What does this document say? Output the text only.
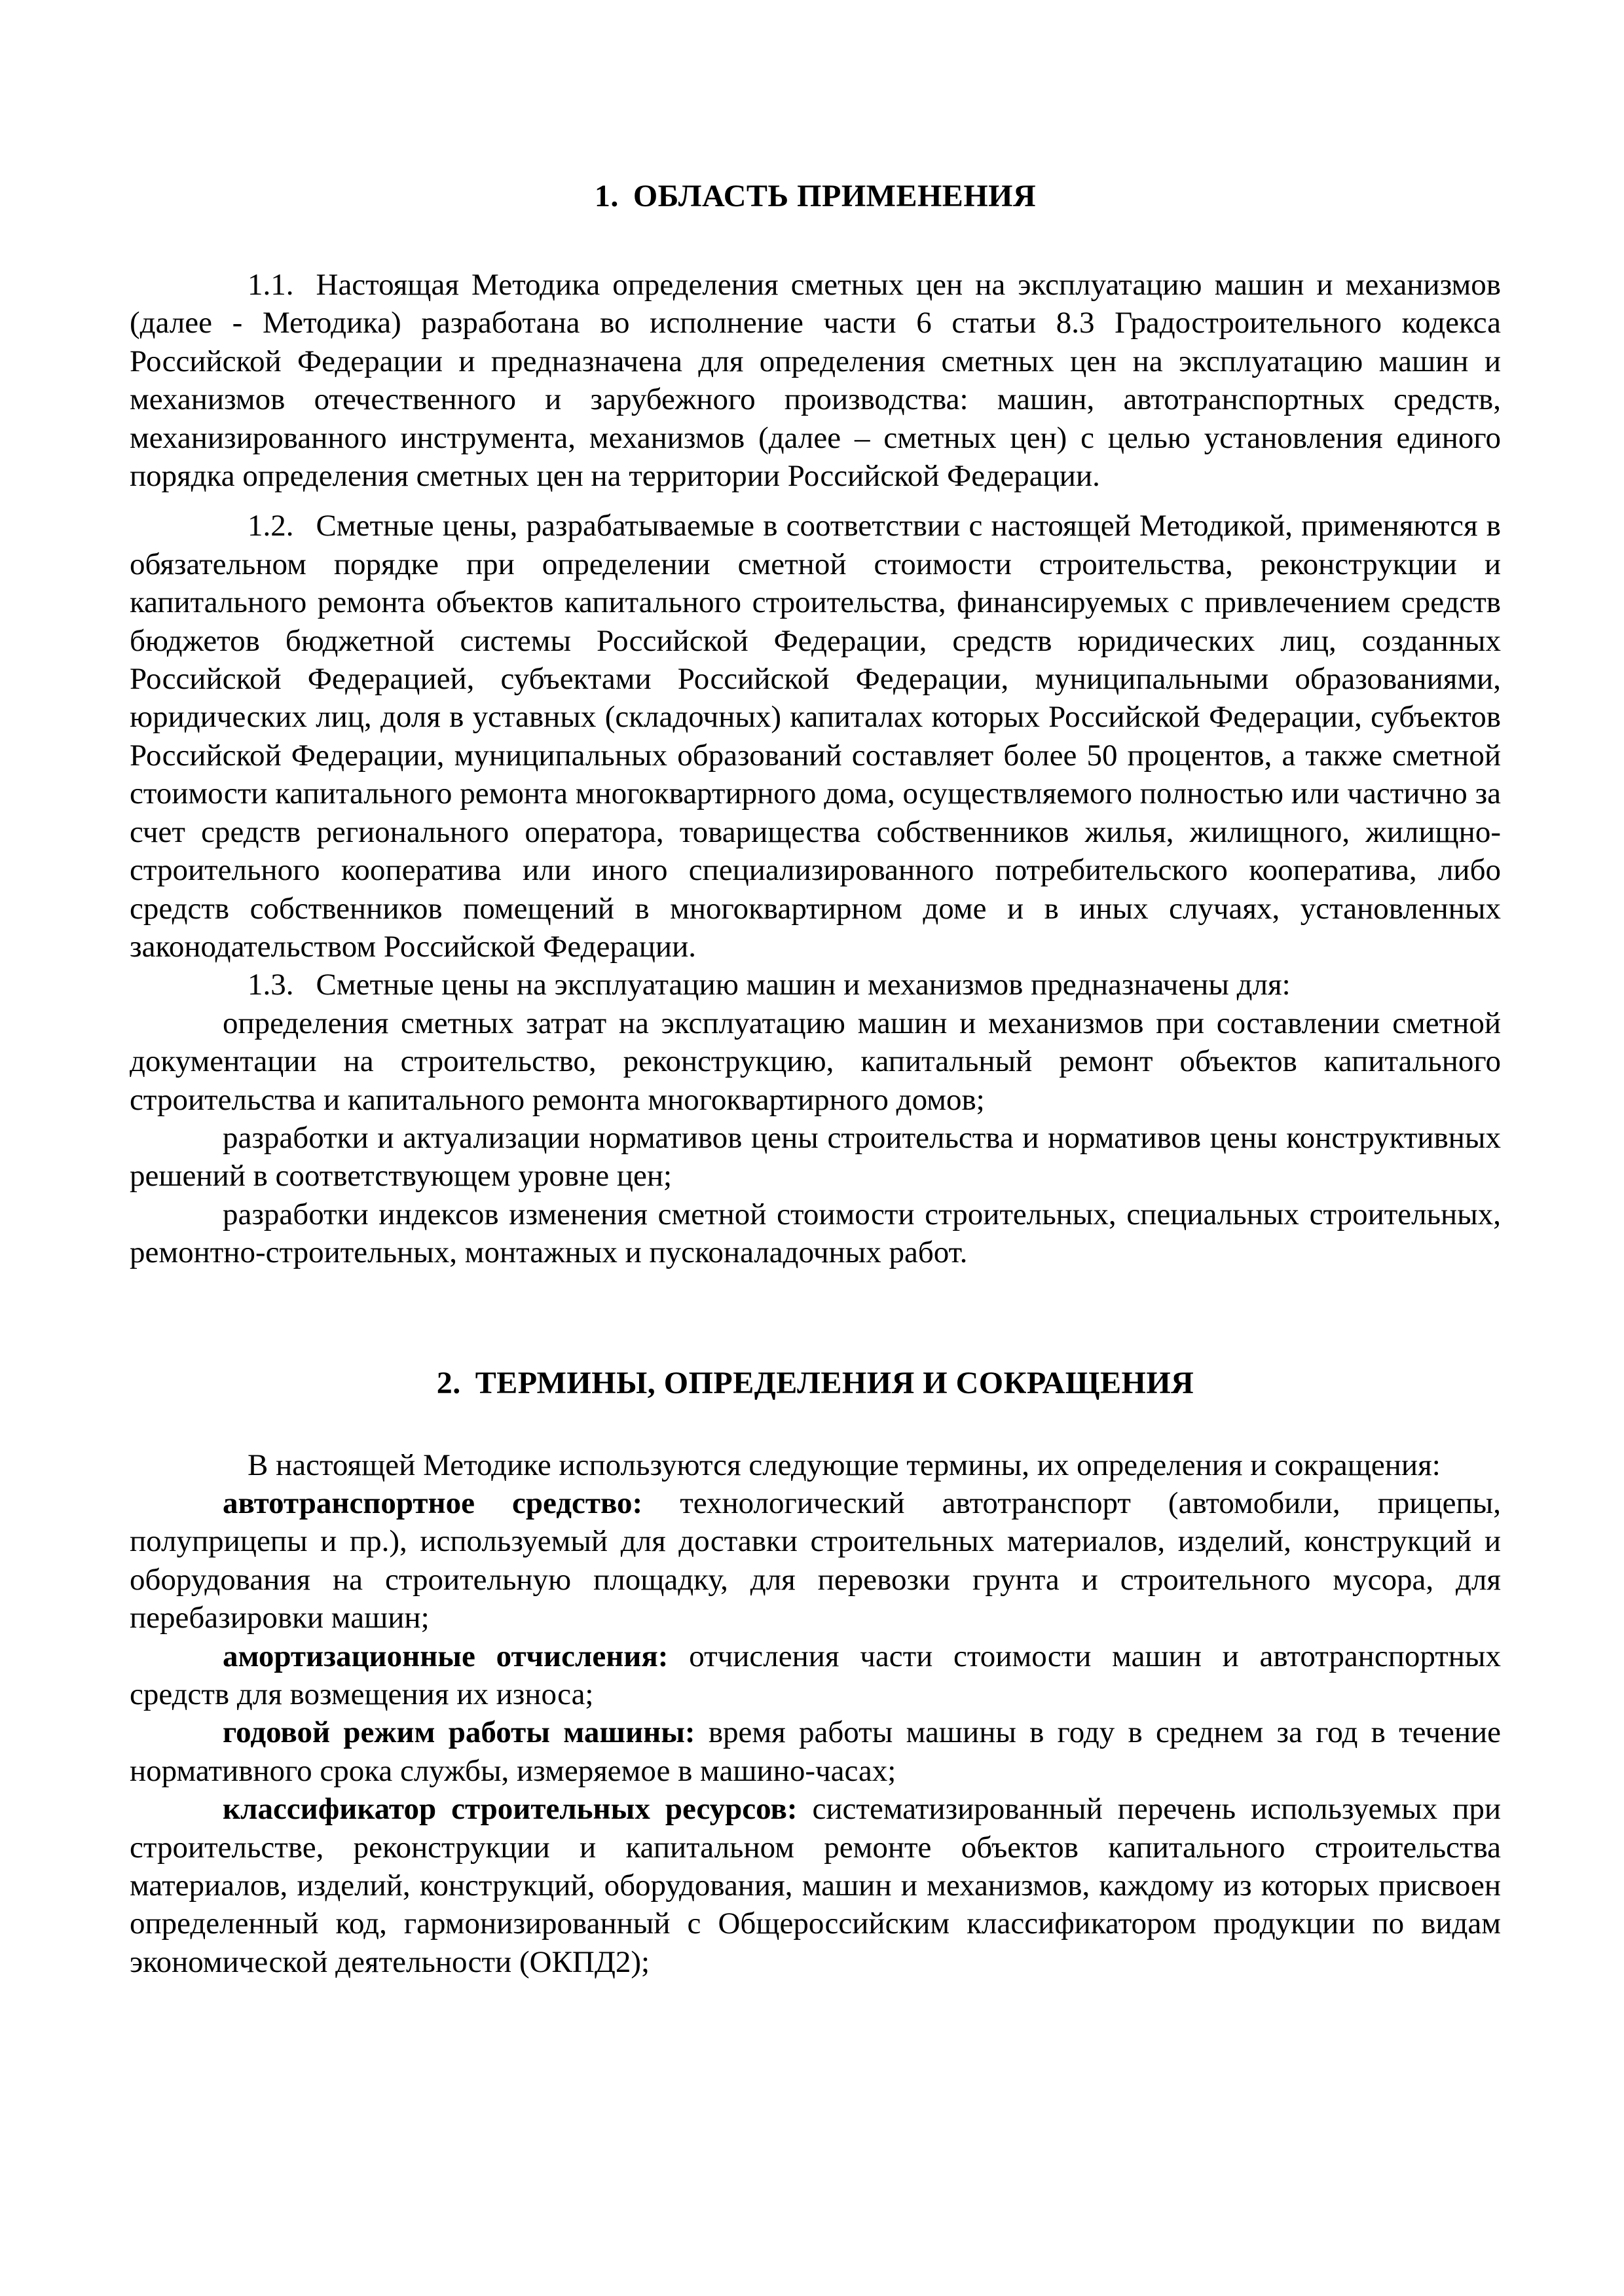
1. ОБЛАСТЬ ПРИМЕНЕНИЯ

1.1. Настоящая Методика определения сметных цен на эксплуатацию машин и механизмов (далее - Методика) разработана во исполнение части 6 статьи 8.3 Градостроительного кодекса Российской Федерации и предназначена для определения сметных цен на эксплуатацию машин и механизмов отечественного и зарубежного производства: машин, автотранспортных средств, механизированного инструмента, механизмов (далее – сметных цен) с целью установления единого порядка определения сметных цен на территории Российской Федерации.

1.2. Сметные цены, разрабатываемые в соответствии с настоящей Методикой, применяются в обязательном порядке при определении сметной стоимости строительства, реконструкции и капитального ремонта объектов капитального строительства, финансируемых с привлечением средств бюджетов бюджетной системы Российской Федерации, средств юридических лиц, созданных Российской Федерацией, субъектами Российской Федерации, муниципальными образованиями, юридических лиц, доля в уставных (складочных) капиталах которых Российской Федерации, субъектов Российской Федерации, муниципальных образований составляет более 50 процентов, а также сметной стоимости капитального ремонта многоквартирного дома, осуществляемого полностью или частично за счет средств регионального оператора, товарищества собственников жилья, жилищного, жилищно-строительного кооператива или иного специализированного потребительского кооператива, либо средств собственников помещений в многоквартирном доме и в иных случаях, установленных законодательством Российской Федерации.

1.3. Сметные цены на эксплуатацию машин и механизмов предназначены для:

определения сметных затрат на эксплуатацию машин и механизмов при составлении сметной документации на строительство, реконструкцию, капитальный ремонт объектов капитального строительства и капитального ремонта многоквартирного домов;

разработки и актуализации нормативов цены строительства и нормативов цены конструктивных решений в соответствующем уровне цен;

разработки индексов изменения сметной стоимости строительных, специальных строительных, ремонтно-строительных, монтажных и пусконаладочных работ.

2. ТЕРМИНЫ, ОПРЕДЕЛЕНИЯ И СОКРАЩЕНИЯ

В настоящей Методике используются следующие термины, их определения и сокращения:

автотранспортное средство: технологический автотранспорт (автомобили, прицепы, полуприцепы и пр.), используемый для доставки строительных материалов, изделий, конструкций и оборудования на строительную площадку, для перевозки грунта и строительного мусора, для перебазировки машин;

амортизационные отчисления: отчисления части стоимости машин и автотранспортных средств для возмещения их износа;

годовой режим работы машины: время работы машины в году в среднем за год в течение нормативного срока службы, измеряемое в машино-часах;

классификатор строительных ресурсов: систематизированный перечень используемых при строительстве, реконструкции и капитальном ремонте объектов капитального строительства материалов, изделий, конструкций, оборудования, машин и механизмов, каждому из которых присвоен определенный код, гармонизированный с Общероссийским классификатором продукции по видам экономической деятельности (ОКПД2);
